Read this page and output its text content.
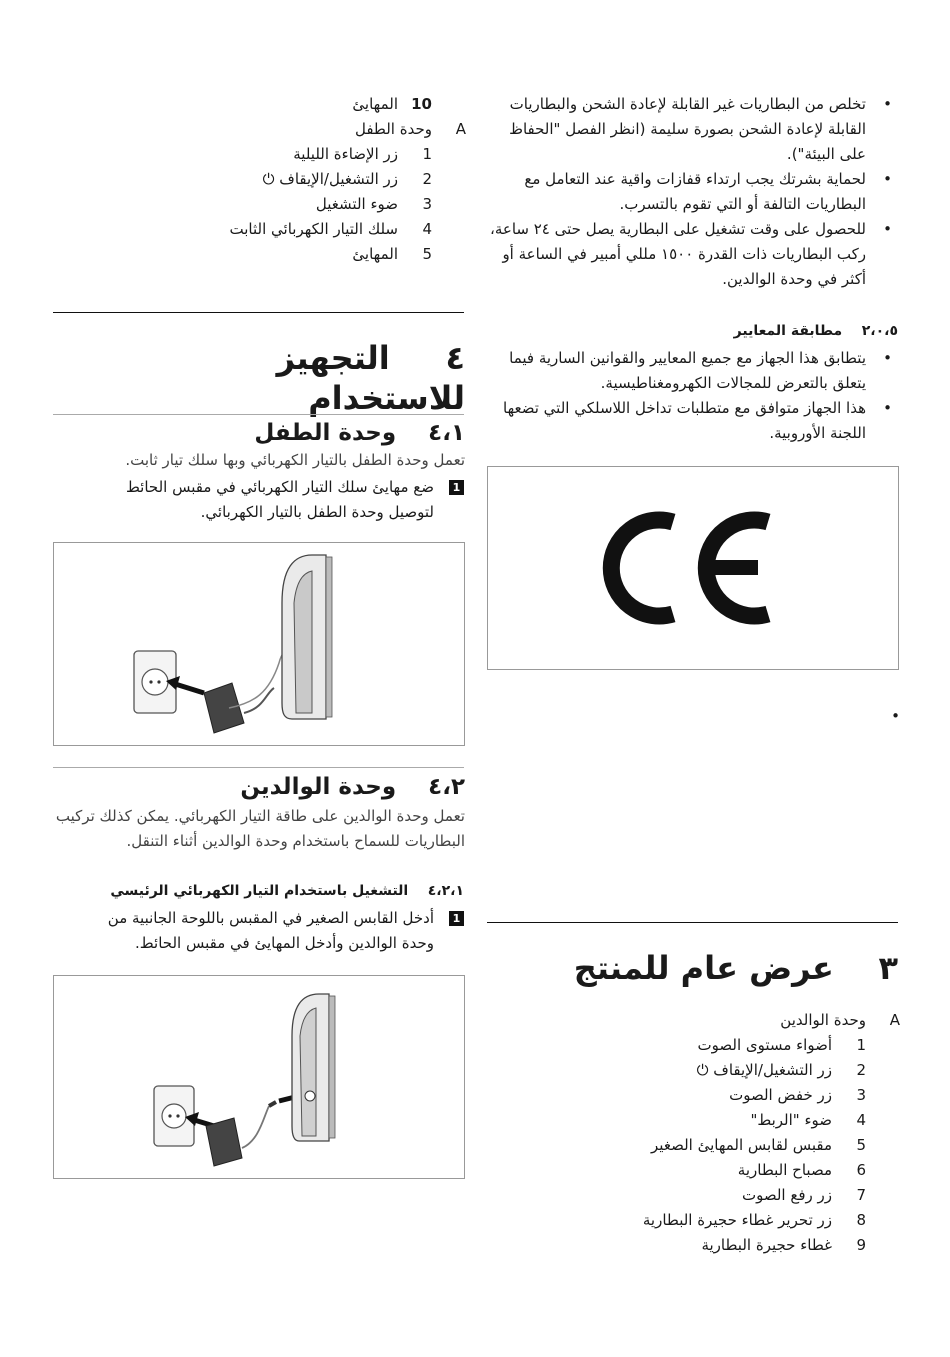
•
تخلص من البطاريات غير القابلة لإعادة الشحن والبطاريات القابلة لإعادة الشحن بصورة سليمة (انظر الفصل "الحفاظ على البيئة").
•
لحماية بشرتك يجب ارتداء قفازات واقية عند التعامل مع البطاريات التالفة أو التي تقوم بالتسرب.
•
للحصول على وقت تشغيل على البطارية يصل حتى ٢٤ ساعة، ركب البطاريات ذات القدرة ١٥٠٠ مللي أمبير في الساعة أو أكثر في وحدة الوالدين.
٢،٠،٥    مطابقة المعايير
•
يتطابق هذا الجهاز مع جميع المعايير والقوانين السارية فيما يتعلق بالتعرض للمجالات الكهرومغناطيسية.
•
هذا الجهاز متوافق مع متطلبات تداخل اللاسلكي التي تضعها اللجنة الأوروبية.
•
٣    عرض عام للمنتج
A
وحدة الوالدين
1
أضواء مستوى الصوت
2
زر التشغيل/الإيقاف ⏻
3
زر خفض الصوت
4
ضوء "الربط"
5
مقبس لقابس المهايئ الصغير
6
مصباح البطارية
7
زر رفع الصوت
8
زر تحرير غطاء حجيرة البطارية
9
غطاء حجيرة البطارية
10
المهايئ
A
وحدة الطفل
1
زر الإضاءة الليلية
2
زر التشغيل/الإيقاف ⏻
3
ضوء التشغيل
4
سلك التيار الكهربائي الثابت
5
المهايئ
٤     التجهيز للاستخدام
٤،١    وحدة الطفل
تعمل وحدة الطفل بالتيار الكهربائي وبها سلك تيار ثابت.
1
ضع مهايئ سلك التيار الكهربائي في مقبس الحائط لتوصيل وحدة الطفل بالتيار الكهربائي.
٤،٢    وحدة الوالدين
تعمل وحدة الوالدين على طاقة التيار الكهربائي. يمكن كذلك تركيب البطاريات للسماح باستخدام وحدة الوالدين أثناء التنقل.
٤،٢،١    التشغيل باستخدام التيار الكهربائي الرئيسي
1
أدخل القابس الصغير في المقبس باللوحة الجانبية من وحدة الوالدين وأدخل المهايئ في مقبس الحائط.
